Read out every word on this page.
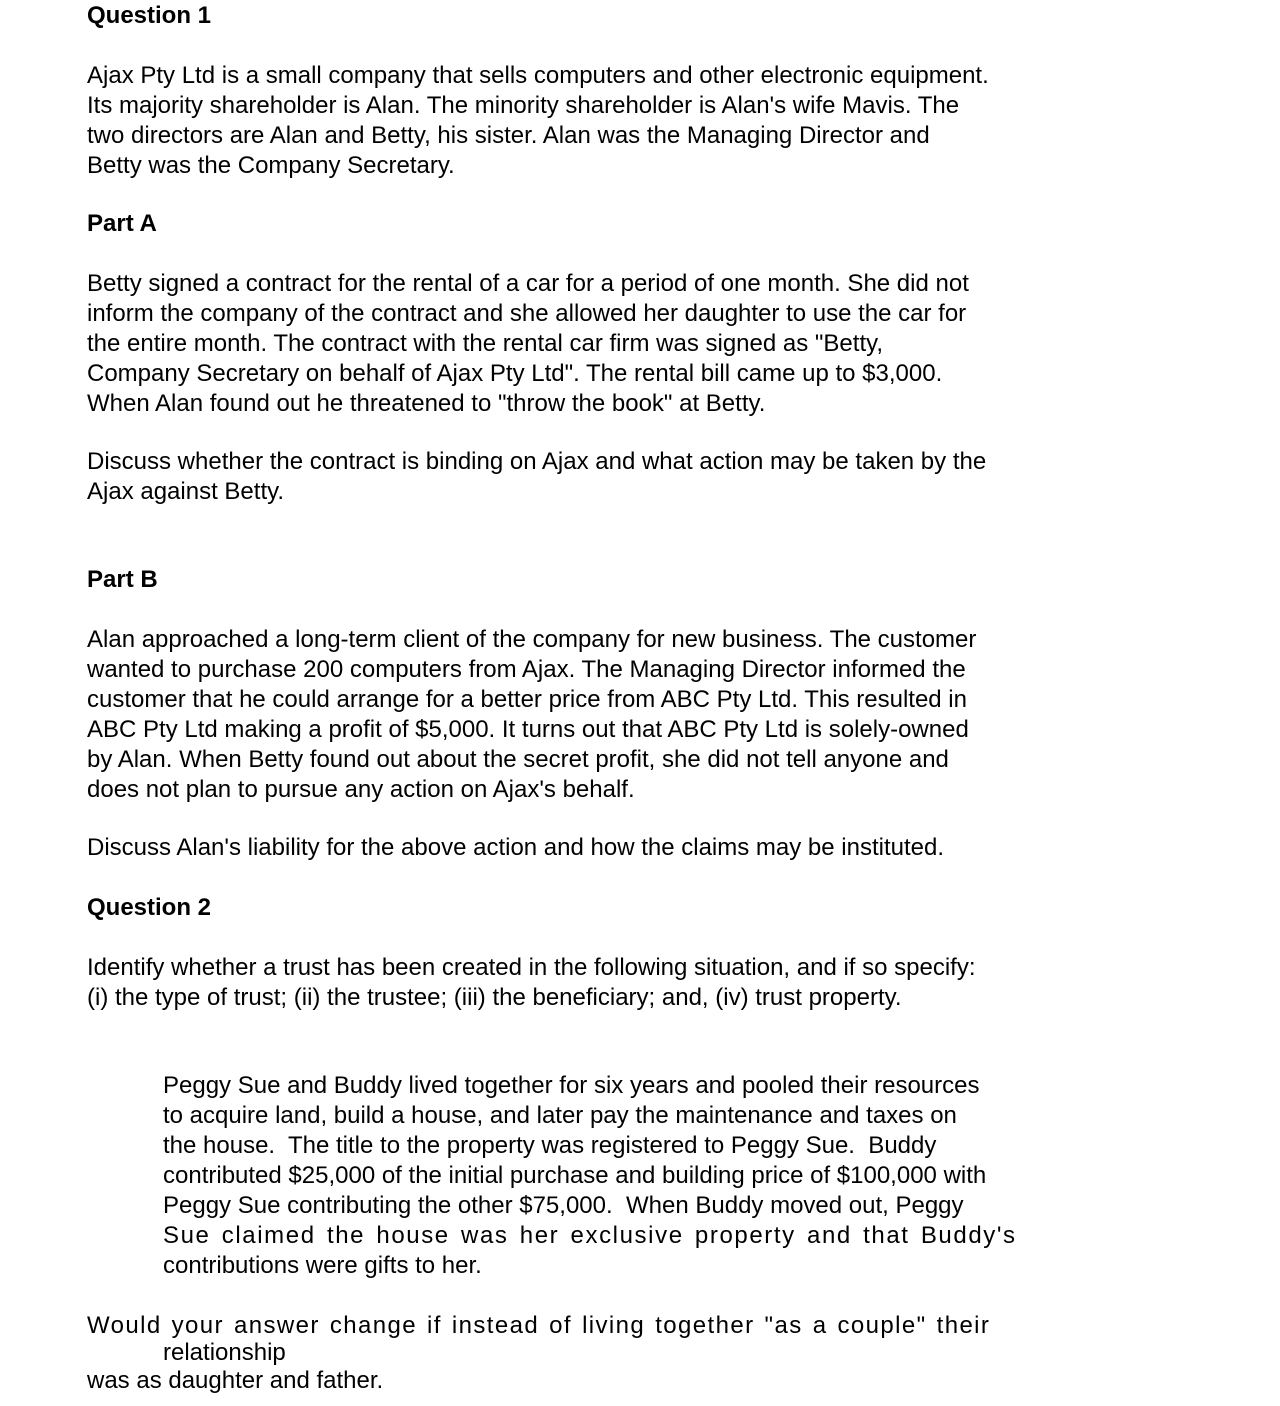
Question 1
Ajax Pty Ltd is a small company that sells computers and other electronic equipment.
Its majority shareholder is Alan. The minority shareholder is Alan's wife Mavis. The
two directors are Alan and Betty, his sister. Alan was the Managing Director and
Betty was the Company Secretary.
Part A
Betty signed a contract for the rental of a car for a period of one month. She did not
inform the company of the contract and she allowed her daughter to use the car for
the entire month. The contract with the rental car firm was signed as "Betty,
Company Secretary on behalf of Ajax Pty Ltd". The rental bill came up to $3,000.
When Alan found out he threatened to "throw the book" at Betty.
Discuss whether the contract is binding on Ajax and what action may be taken by the
Ajax against Betty.
Part B
Alan approached a long-term client of the company for new business. The customer
wanted to purchase 200 computers from Ajax. The Managing Director informed the
customer that he could arrange for a better price from ABC Pty Ltd. This resulted in
ABC Pty Ltd making a profit of $5,000. It turns out that ABC Pty Ltd is solely-owned
by Alan. When Betty found out about the secret profit, she did not tell anyone and
does not plan to pursue any action on Ajax's behalf.
Discuss Alan's liability for the above action and how the claims may be instituted.
Question 2
Identify whether a trust has been created in the following situation, and if so specify:
(i) the type of trust; (ii) the trustee; (iii) the beneficiary; and, (iv) trust property.
Peggy Sue and Buddy lived together for six years and pooled their resources
to acquire land, build a house, and later pay the maintenance and taxes on
the house.  The title to the property was registered to Peggy Sue.  Buddy
contributed $25,000 of the initial purchase and building price of $100,000 with
Peggy Sue contributing the other $75,000.  When Buddy moved out, Peggy
Sue claimed the house was her exclusive property and that Buddy's
contributions were gifts to her.
Would your answer change if instead of living together "as a couple" their
relationship
was as daughter and father.
